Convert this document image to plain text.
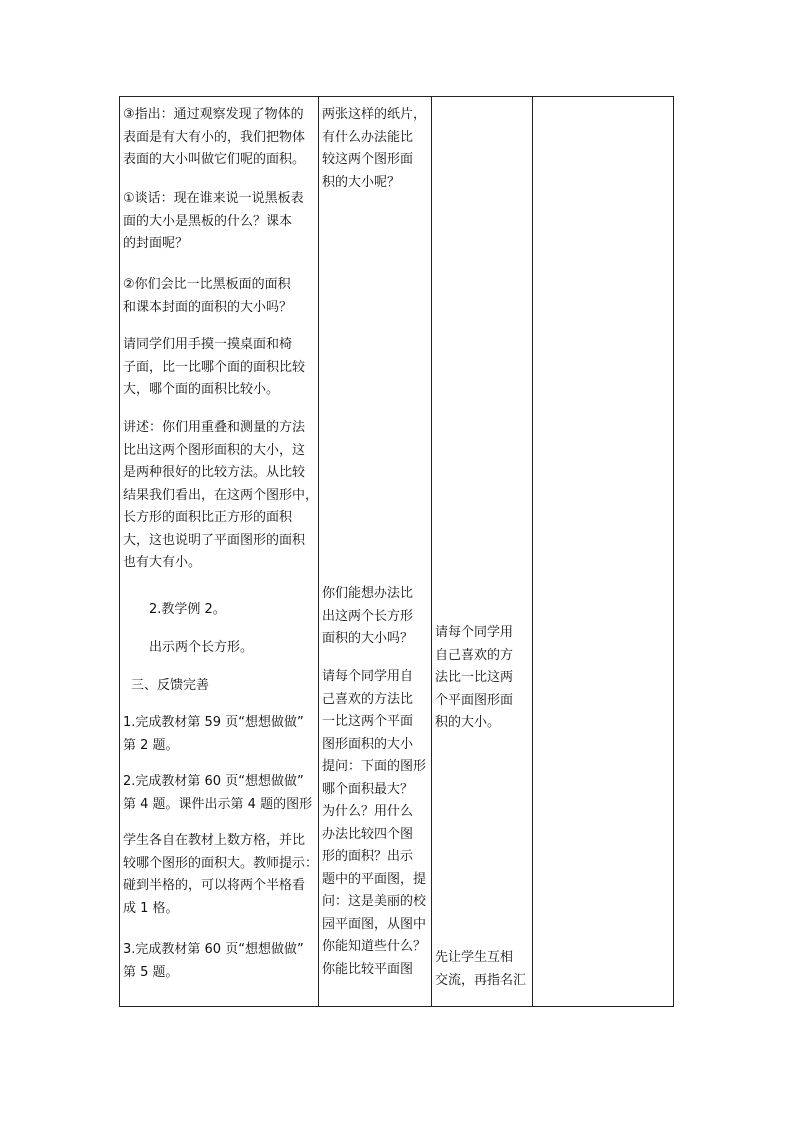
③指出：通过观察发现了物体的
表面是有大有小的，我们把物体
表面的大小叫做它们呢的面积。
①谈话：现在谁来说一说黑板表
面的大小是黑板的什么？课本
的封面呢？
②你们会比一比黑板面的面积
和课本封面的面积的大小吗？
请同学们用手摸一摸桌面和椅
子面，比一比哪个面的面积比较
大，哪个面的面积比较小。
讲述：你们用重叠和测量的方法
比出这两个图形面积的大小，这
是两种很好的比较方法。从比较
结果我们看出，在这两个图形中，
长方形的面积比正方形的面积
大，这也说明了平面图形的面积
也有大有小。
2.教学例 2。
出示两个长方形。
三、反馈完善
1.完成教材第 59 页“想想做做”
第 2 题。
2.完成教材第 60 页“想想做做”
第 4 题。课件出示第 4 题的图形
学生各自在教材上数方格，并比
较哪个图形的面积大。教师提示：
碰到半格的，可以将两个半格看
成 1 格。
3.完成教材第 60 页“想想做做”
第 5 题。
两张这样的纸片，
有什么办法能比
较这两个图形面
积的大小呢？
你们能想办法比
出这两个长方形
面积的大小吗？
请每个同学用自
己喜欢的方法比
一比这两个平面
图形面积的大小
提问：下面的图形
哪个面积最大？
为什么？用什么
办法比较四个图
形的面积？出示
题中的平面图，提
问：这是美丽的校
园平面图，从图中
你能知道些什么？
你能比较平面图
请每个同学用
自己喜欢的方
法比一比这两
个平面图形面
积的大小。
先让学生互相
交流，再指名汇
